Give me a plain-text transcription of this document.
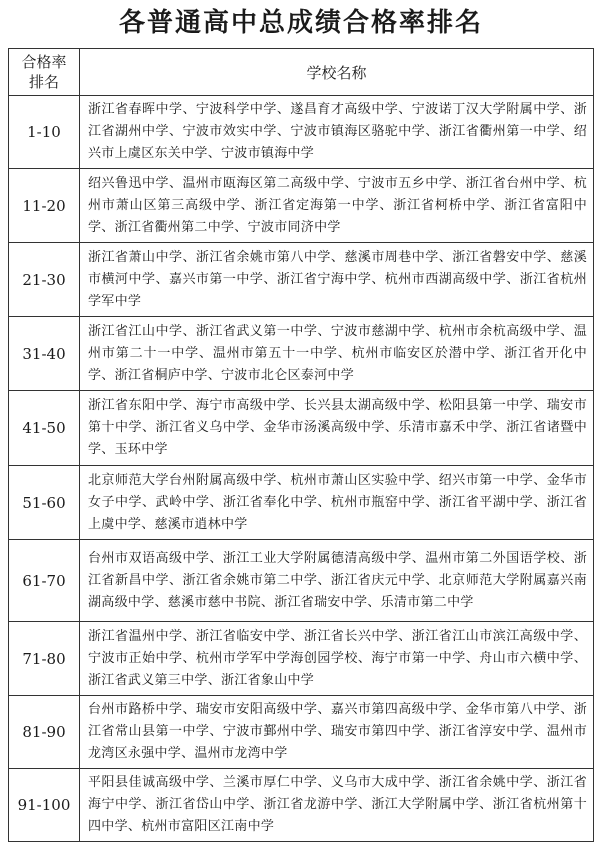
各普通高中总成绩合格率排名
合格率
排名	学校名称
1-10	浙江省春晖中学、宁波科学中学、遂昌育才高级中学、宁波诺丁汉大学附属中学、浙江省湖州中学、宁波市效实中学、宁波市镇海区骆驼中学、浙江省衢州第一中学、绍兴市上虞区东关中学、宁波市镇海中学
11-20	绍兴鲁迅中学、温州市瓯海区第二高级中学、宁波市五乡中学、浙江省台州中学、杭州市萧山区第三高级中学、浙江省定海第一中学、浙江省柯桥中学、浙江省富阳中学、浙江省衢州第二中学、宁波市同济中学
21-30	浙江省萧山中学、浙江省余姚市第八中学、慈溪市周巷中学、浙江省磐安中学、慈溪市横河中学、嘉兴市第一中学、浙江省宁海中学、杭州市西湖高级中学、浙江省杭州学军中学
31-40	浙江省江山中学、浙江省武义第一中学、宁波市慈湖中学、杭州市余杭高级中学、温州市第二十一中学、温州市第五十一中学、杭州市临安区於潜中学、浙江省开化中学、浙江省桐庐中学、宁波市北仑区泰河中学
41-50	浙江省东阳中学、海宁市高级中学、长兴县太湖高级中学、松阳县第一中学、瑞安市第十中学、浙江省义乌中学、金华市汤溪高级中学、乐清市嘉禾中学、浙江省诸暨中学、玉环中学
51-60	北京师范大学台州附属高级中学、杭州市萧山区实验中学、绍兴市第一中学、金华市女子中学、武岭中学、浙江省奉化中学、杭州市瓶窑中学、浙江省平湖中学、浙江省上虞中学、慈溪市逍林中学
61-70	台州市双语高级中学、浙江工业大学附属德清高级中学、温州市第二外国语学校、浙江省新昌中学、浙江省余姚市第二中学、浙江省庆元中学、北京师范大学附属嘉兴南湖高级中学、慈溪市慈中书院、浙江省瑞安中学、乐清市第二中学
71-80	浙江省温州中学、浙江省临安中学、浙江省长兴中学、浙江省江山市滨江高级中学、宁波市正始中学、杭州市学军中学海创园学校、海宁市第一中学、舟山市六横中学、浙江省武义第三中学、浙江省象山中学
81-90	台州市路桥中学、瑞安市安阳高级中学、嘉兴市第四高级中学、金华市第八中学、浙江省常山县第一中学、宁波市鄞州中学、瑞安市第四中学、浙江省淳安中学、温州市龙湾区永强中学、温州市龙湾中学
91-100	平阳县佳诚高级中学、兰溪市厚仁中学、义乌市大成中学、浙江省余姚中学、浙江省海宁中学、浙江省岱山中学、浙江省龙游中学、浙江大学附属中学、浙江省杭州第十四中学、杭州市富阳区江南中学
